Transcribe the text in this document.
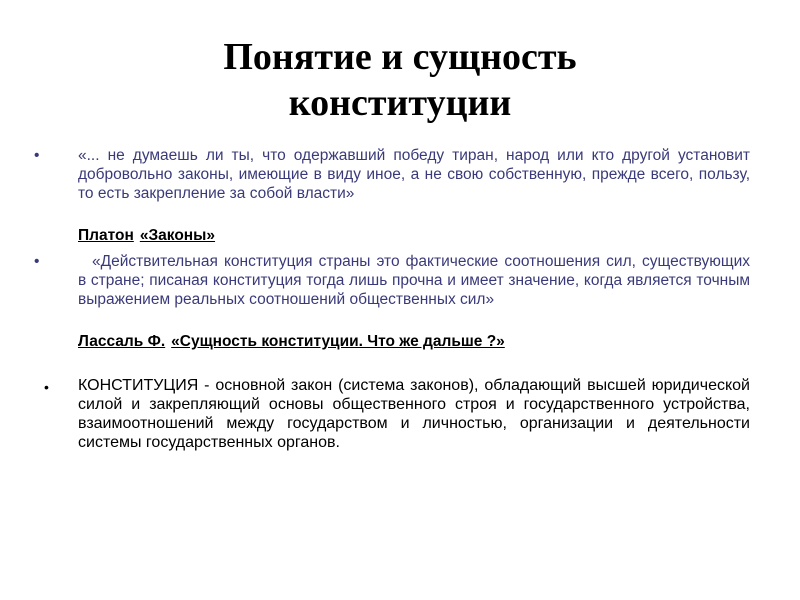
Понятие и сущность
конституции
• «... не думаешь ли ты, что одержавший победу тиран, народ или кто другой установит добровольно законы, имеющие в виду иное, а не свою собственную, прежде всего, пользу, то есть закрепление за собой власти»
Платон «Законы»
•	«Действительная конституция страны это фактические соотношения сил, существующих в стране; писаная конституция тогда лишь прочна и имеет значение, когда является точным выражением реальных соотношений общественных сил»
Лассаль Ф. «Сущность конституции. Что же дальше ?»
• КОНСТИТУЦИЯ - основной закон (система законов), обладающий высшей юридической силой и закрепляющий основы общественного строя и государственного устройства, взаимоотношений между государством и личностью, организации и деятельности системы государственных органов.
